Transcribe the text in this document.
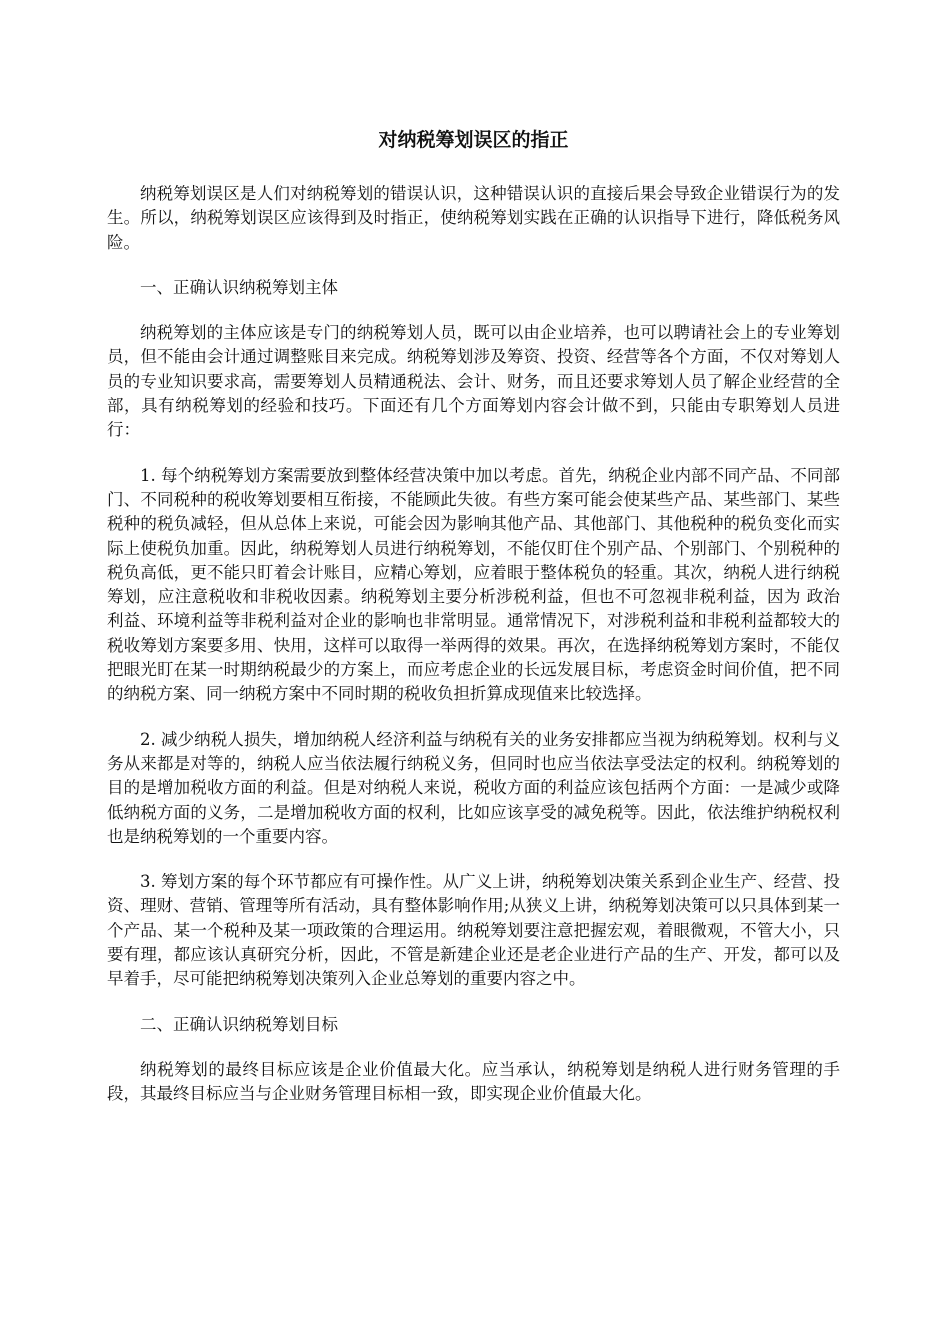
对纳税筹划误区的指正

纳税筹划误区是人们对纳税筹划的错误认识，这种错误认识的直接后果会导致企业错误行为的发生。所以，纳税筹划误区应该得到及时指正，使纳税筹划实践在正确的认识指导下进行，降低税务风险。

一、正确认识纳税筹划主体

纳税筹划的主体应该是专门的纳税筹划人员，既可以由企业培养，也可以聘请社会上的专业筹划员，但不能由会计通过调整账目来完成。纳税筹划涉及筹资、投资、经营等各个方面，不仅对筹划人员的专业知识要求高，需要筹划人员精通税法、会计、财务，而且还要求筹划人员了解企业经营的全部，具有纳税筹划的经验和技巧。下面还有几个方面筹划内容会计做不到，只能由专职筹划人员进行：

1. 每个纳税筹划方案需要放到整体经营决策中加以考虑。首先，纳税企业内部不同产品、不同部门、不同税种的税收筹划要相互衔接，不能顾此失彼。有些方案可能会使某些产品、某些部门、某些税种的税负减轻，但从总体上来说，可能会因为影响其他产品、其他部门、其他税种的税负变化而实际上使税负加重。因此，纳税筹划人员进行纳税筹划，不能仅盯住个别产品、个别部门、个别税种的税负高低，更不能只盯着会计账目，应精心筹划，应着眼于整体税负的轻重。其次，纳税人进行纳税筹划，应注意税收和非税收因素。纳税筹划主要分析涉税利益，但也不可忽视非税利益，因为 政治 利益、环境利益等非税利益对企业的影响也非常明显。通常情况下，对涉税利益和非税利益都较大的税收筹划方案要多用、快用，这样可以取得一举两得的效果。再次，在选择纳税筹划方案时，不能仅把眼光盯在某一时期纳税最少的方案上，而应考虑企业的长远发展目标，考虑资金时间价值，把不同的纳税方案、同一纳税方案中不同时期的税收负担折算成现值来比较选择。

2. 减少纳税人损失，增加纳税人经济利益与纳税有关的业务安排都应当视为纳税筹划。权利与义务从来都是对等的，纳税人应当依法履行纳税义务，但同时也应当依法享受法定的权利。纳税筹划的目的是增加税收方面的利益。但是对纳税人来说，税收方面的利益应该包括两个方面：一是减少或降低纳税方面的义务，二是增加税收方面的权利，比如应该享受的减免税等。因此，依法维护纳税权利也是纳税筹划的一个重要内容。

3. 筹划方案的每个环节都应有可操作性。从广义上讲，纳税筹划决策关系到企业生产、经营、投资、理财、营销、管理等所有活动，具有整体影响作用;从狭义上讲，纳税筹划决策可以只具体到某一个产品、某一个税种及某一项政策的合理运用。纳税筹划要注意把握宏观，着眼微观，不管大小，只要有理，都应该认真研究分析，因此，不管是新建企业还是老企业进行产品的生产、开发，都可以及早着手，尽可能把纳税筹划决策列入企业总筹划的重要内容之中。

二、正确认识纳税筹划目标

纳税筹划的最终目标应该是企业价值最大化。应当承认，纳税筹划是纳税人进行财务管理的手段，其最终目标应当与企业财务管理目标相一致，即实现企业价值最大化。
